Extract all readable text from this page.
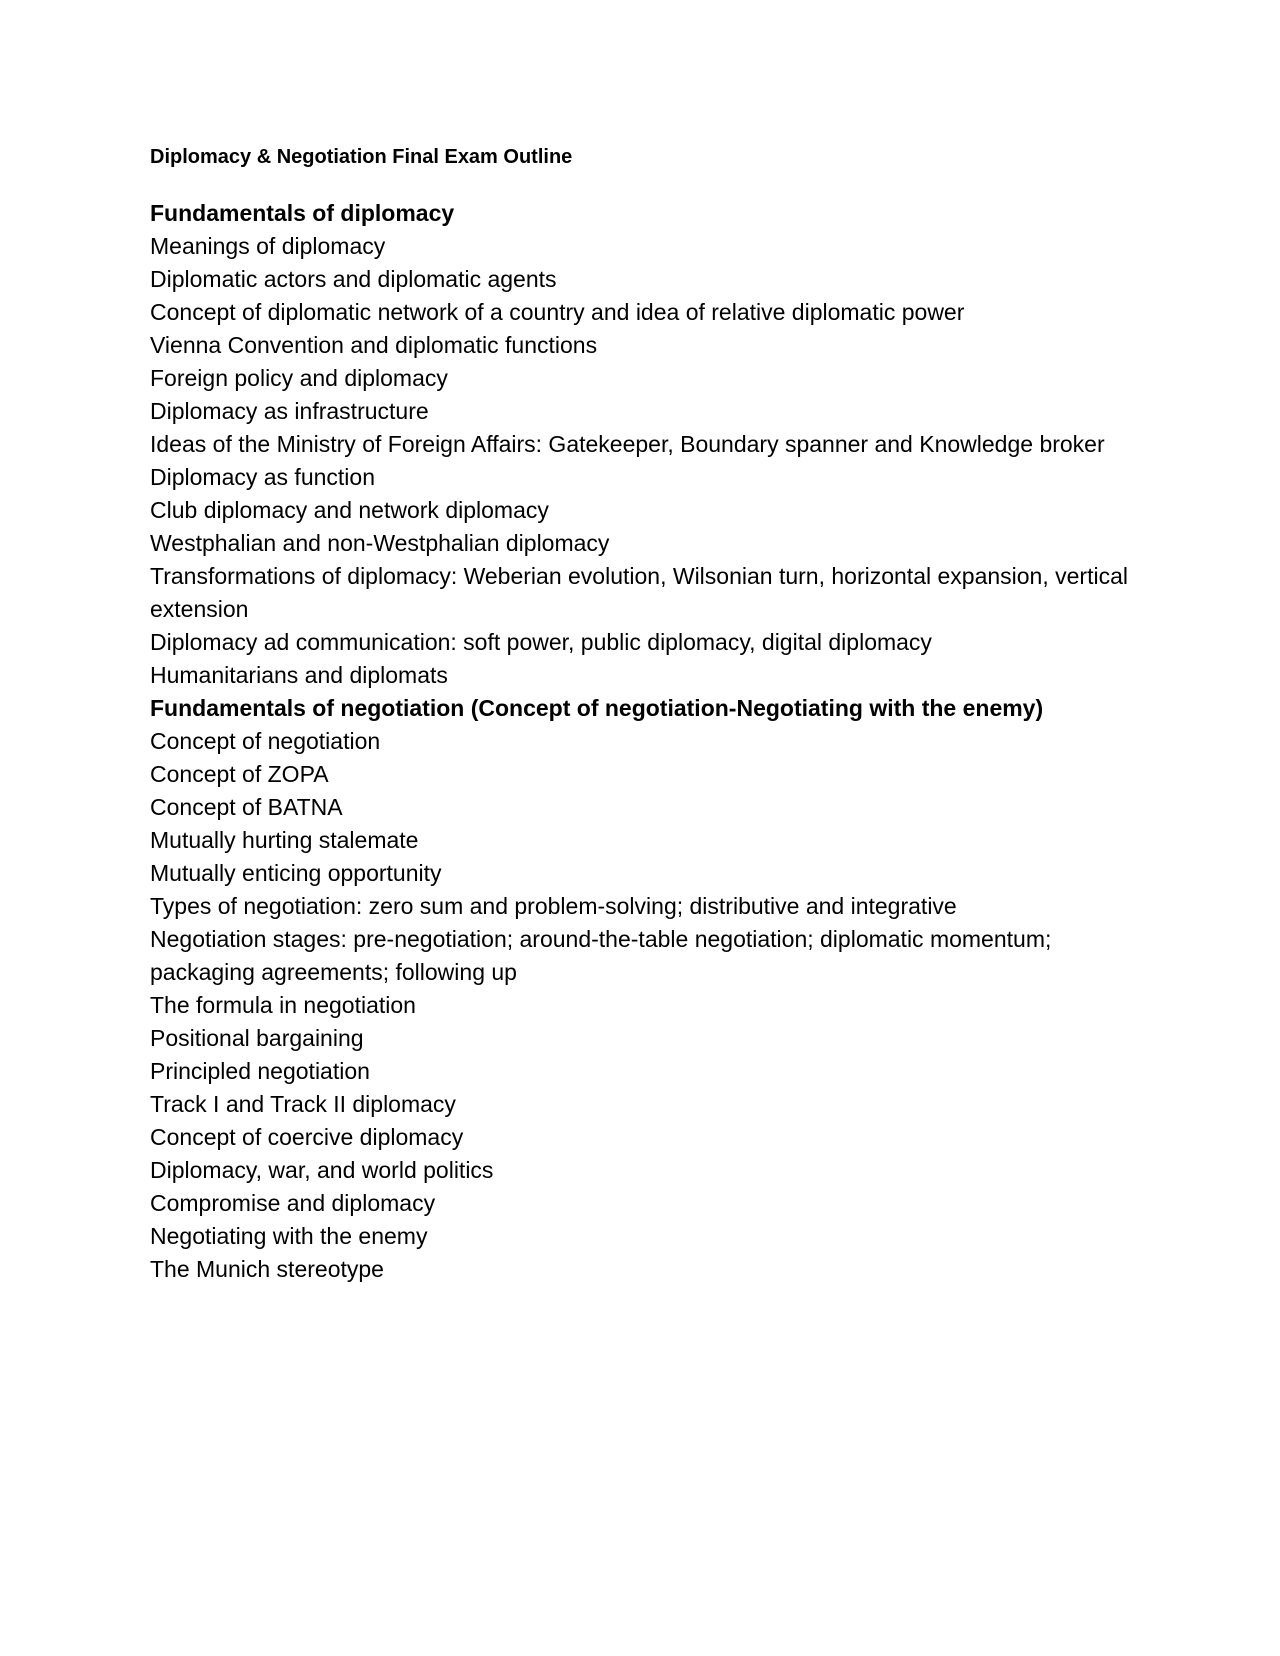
Diplomacy & Negotiation Final Exam Outline
Fundamentals of diplomacy
Meanings of diplomacy
Diplomatic actors and diplomatic agents
Concept of diplomatic network of a country and idea of relative diplomatic power
Vienna Convention and diplomatic functions
Foreign policy and diplomacy
Diplomacy as infrastructure
Ideas of the Ministry of Foreign Affairs: Gatekeeper, Boundary spanner and Knowledge broker
Diplomacy as function
Club diplomacy and network diplomacy
Westphalian and non-Westphalian diplomacy
Transformations of diplomacy: Weberian evolution, Wilsonian turn, horizontal expansion, vertical extension
Diplomacy ad communication: soft power, public diplomacy, digital diplomacy
Humanitarians and diplomats
Fundamentals of negotiation (Concept of negotiation-Negotiating with the enemy)
Concept of negotiation
Concept of ZOPA
Concept of BATNA
Mutually hurting stalemate
Mutually enticing opportunity
Types of negotiation: zero sum and problem-solving; distributive and integrative
Negotiation stages: pre-negotiation; around-the-table negotiation; diplomatic momentum; packaging agreements; following up
The formula in negotiation
Positional bargaining
Principled negotiation
Track I and Track II diplomacy
Concept of coercive diplomacy
Diplomacy, war, and world politics
Compromise and diplomacy
Negotiating with the enemy
The Munich stereotype
